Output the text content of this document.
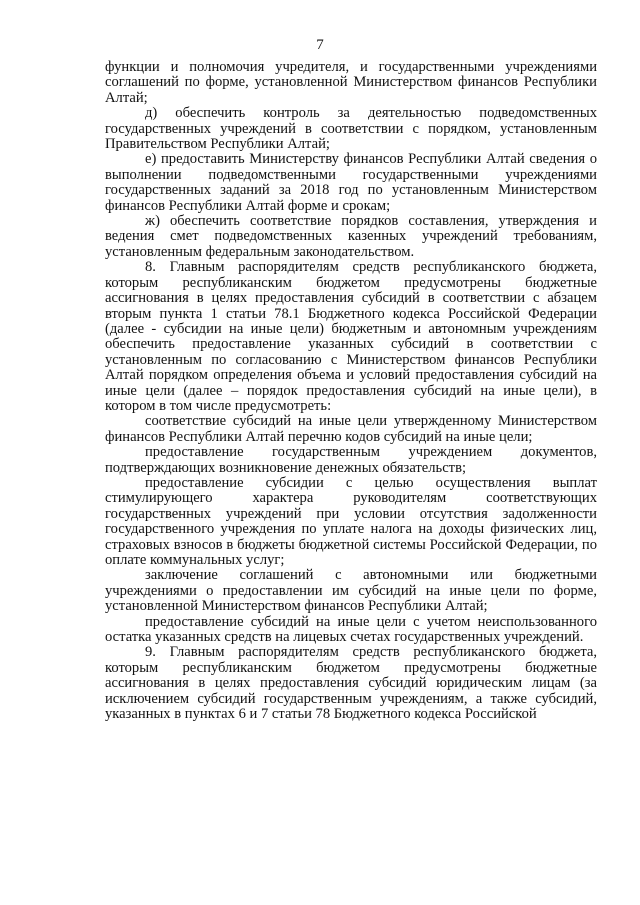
7

функции и полномочия учредителя, и государственными учреждениями соглашений по форме, установленной Министерством финансов Республики Алтай;

д) обеспечить контроль за деятельностью подведомственных государственных учреждений в соответствии с порядком, установленным Правительством Республики Алтай;

е) предоставить Министерству финансов Республики Алтай сведения о выполнении подведомственными государственными учреждениями государственных заданий за 2018 год по установленным Министерством финансов Республики Алтай форме и срокам;

ж) обеспечить соответствие порядков составления, утверждения и ведения смет подведомственных казенных учреждений требованиям, установленным федеральным законодательством.

8. Главным распорядителям средств республиканского бюджета, которым республиканским бюджетом предусмотрены бюджетные ассигнования в целях предоставления субсидий в соответствии с абзацем вторым пункта 1 статьи 78.1 Бюджетного кодекса Российской Федерации (далее - субсидии на иные цели) бюджетным и автономным учреждениям обеспечить предоставление указанных субсидий в соответствии с установленным по согласованию с Министерством финансов Республики Алтай порядком определения объема и условий предоставления субсидий на иные цели (далее – порядок предоставления субсидий на иные цели), в котором в том числе предусмотреть:

соответствие субсидий на иные цели утвержденному Министерством финансов Республики Алтай перечню кодов субсидий на иные цели;

предоставление государственным учреждением документов, подтверждающих возникновение денежных обязательств;

предоставление субсидии с целью осуществления выплат стимулирующего характера руководителям соответствующих государственных учреждений при условии отсутствия задолженности государственного учреждения по уплате налога на доходы физических лиц, страховых взносов в бюджеты бюджетной системы Российской Федерации, по оплате коммунальных услуг;

заключение соглашений с автономными или бюджетными учреждениями о предоставлении им субсидий на иные цели по форме, установленной Министерством финансов Республики Алтай;

предоставление субсидий на иные цели с учетом неиспользованного остатка указанных средств на лицевых счетах государственных учреждений.

9. Главным распорядителям средств республиканского бюджета, которым республиканским бюджетом предусмотрены бюджетные ассигнования в целях предоставления субсидий юридическим лицам (за исключением субсидий государственным учреждениям, а также субсидий, указанных в пунктах 6 и 7 статьи 78 Бюджетного кодекса Российской
